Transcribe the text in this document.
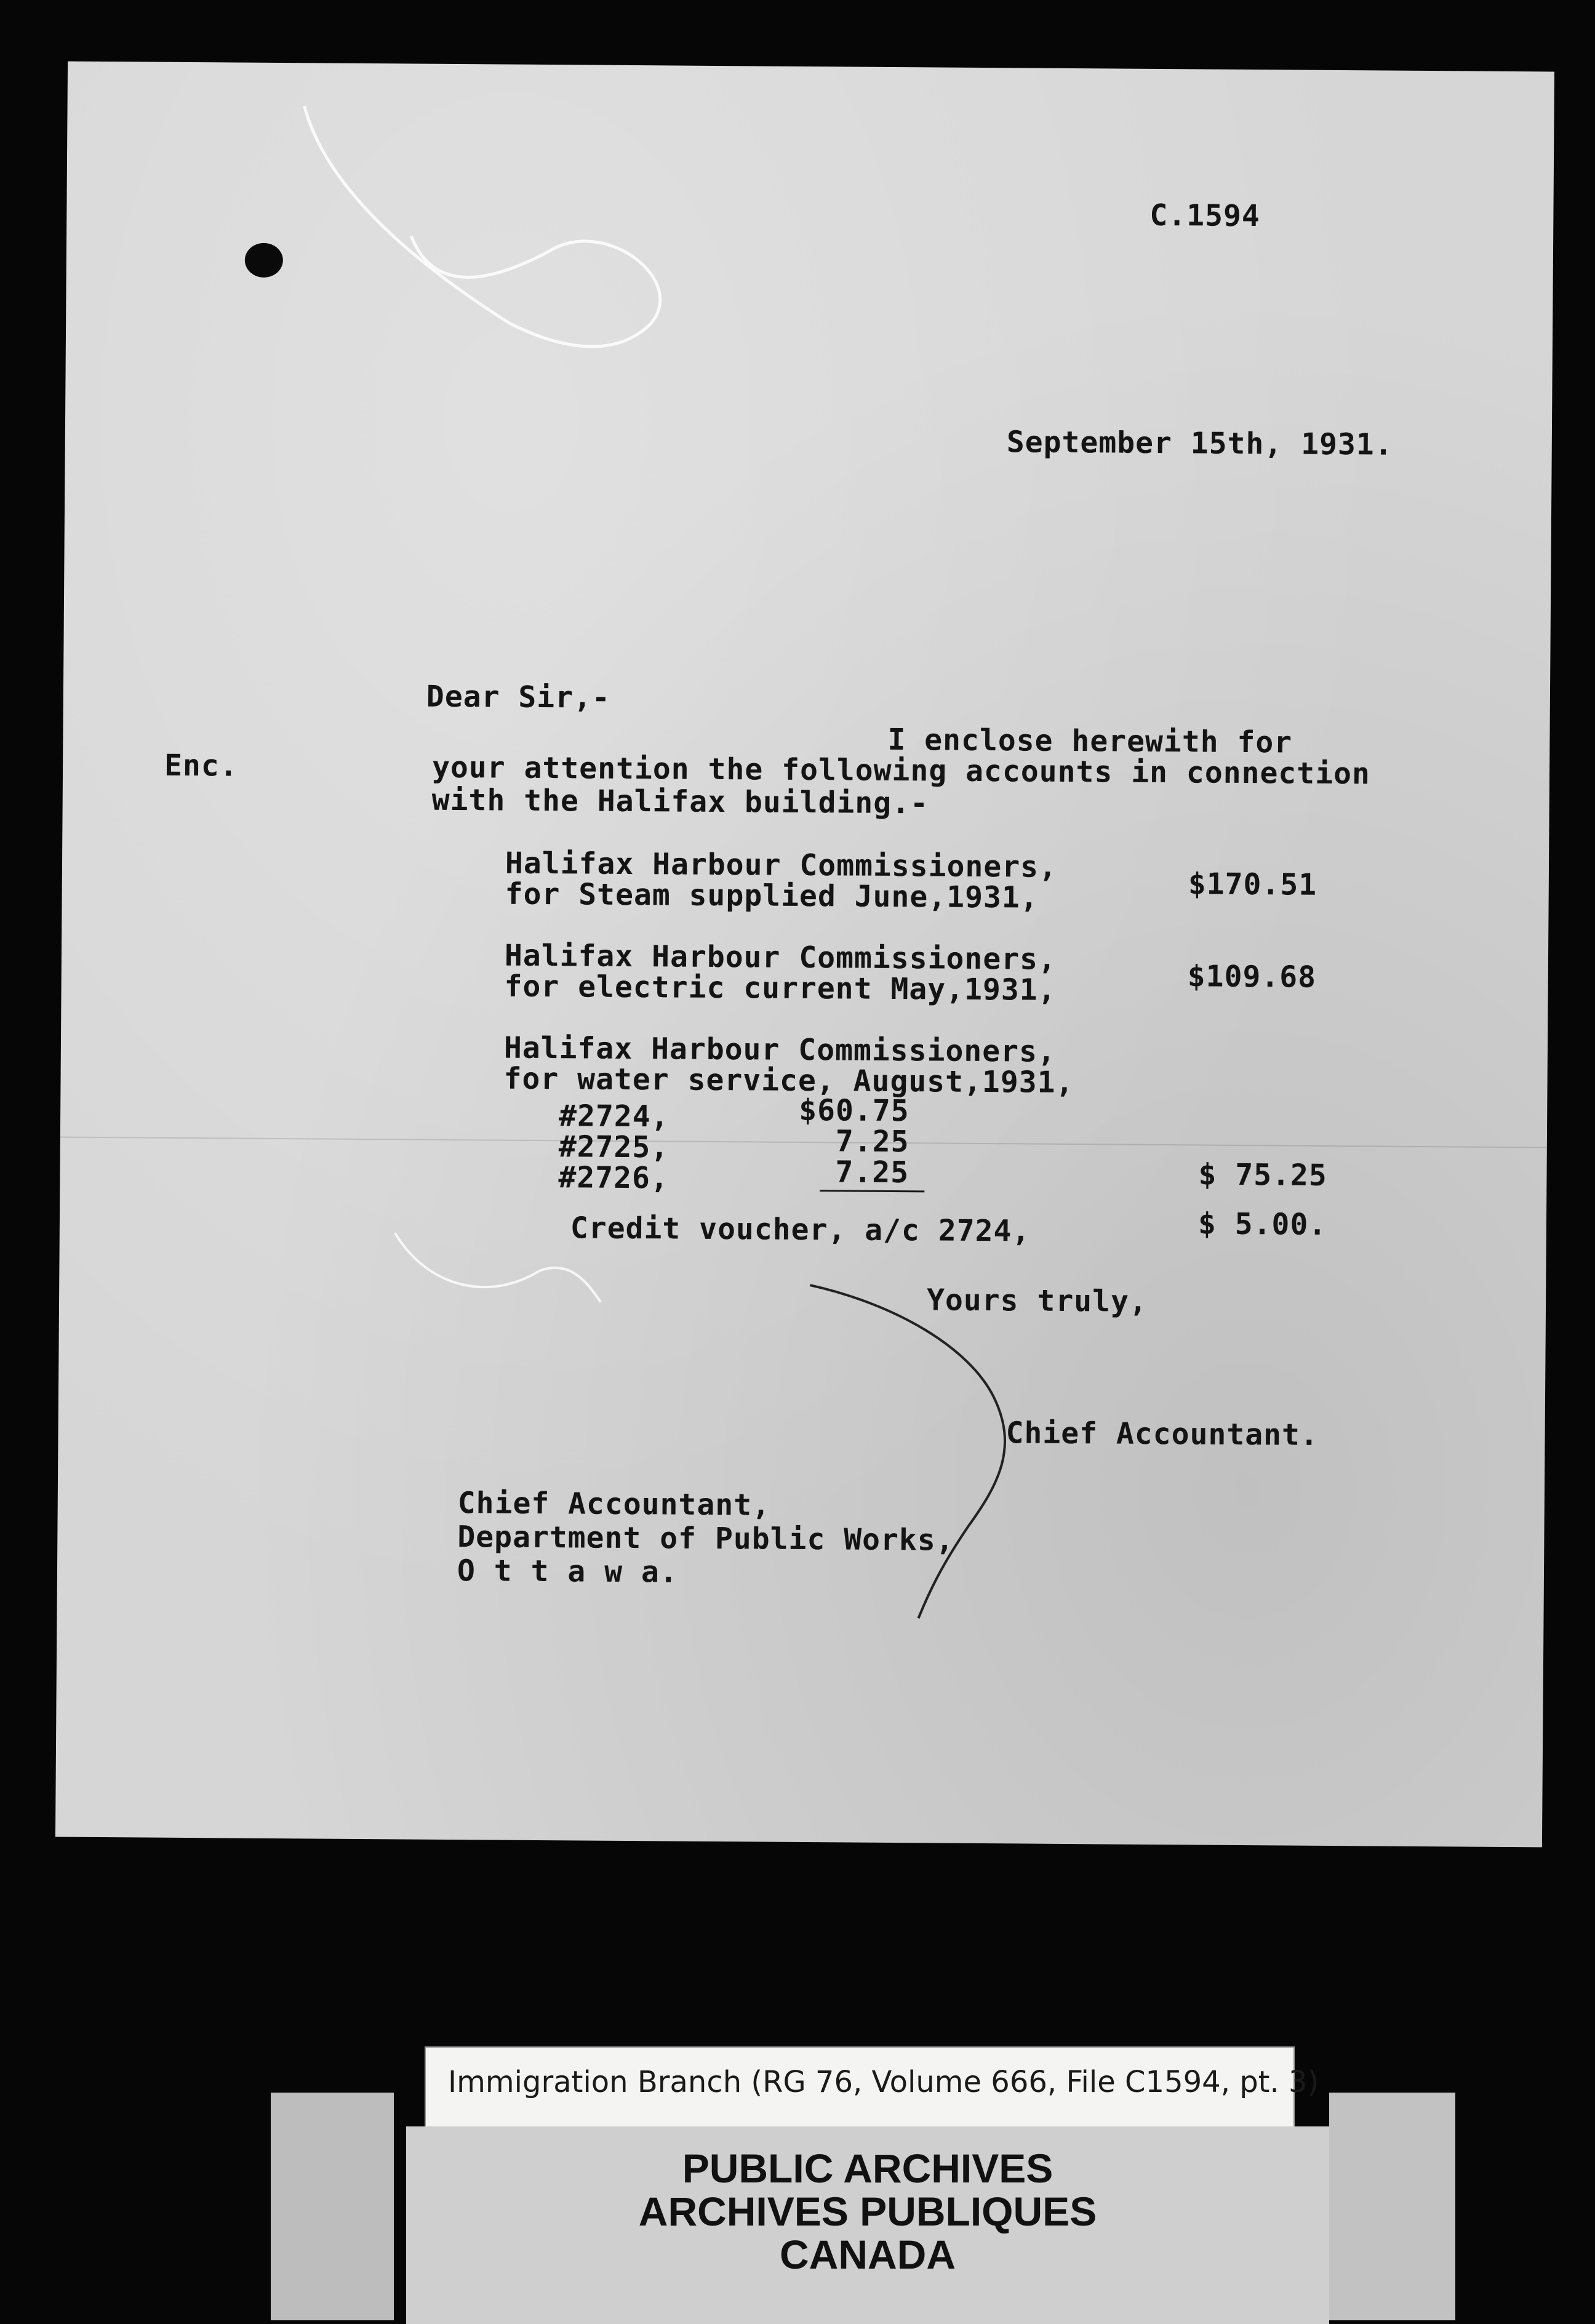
C.1594
September 15th, 1931.
Dear Sir,-
I enclose herewith for
Enc.	your attention the following accounts in connection
with the Halifax building.-
Halifax Harbour Commissioners,
for Steam supplied June,1931,	$170.51
Halifax Harbour Commissioners,
for electric current May,1931,	$109.68
Halifax Harbour Commissioners,
for water service, August,1931,
#2724,	$60.75
#2725,	7.25
#2726,	7.25	$ 75.25
Credit voucher, a/c 2724,	$ 5.00.
Yours truly,
Chief Accountant.
Chief Accountant,
Department of Public Works,
O t t a w a.
Immigration Branch (RG 76, Volume 666, File C1594, pt. 3)
PUBLIC ARCHIVES
ARCHIVES PUBLIQUES
CANADA
